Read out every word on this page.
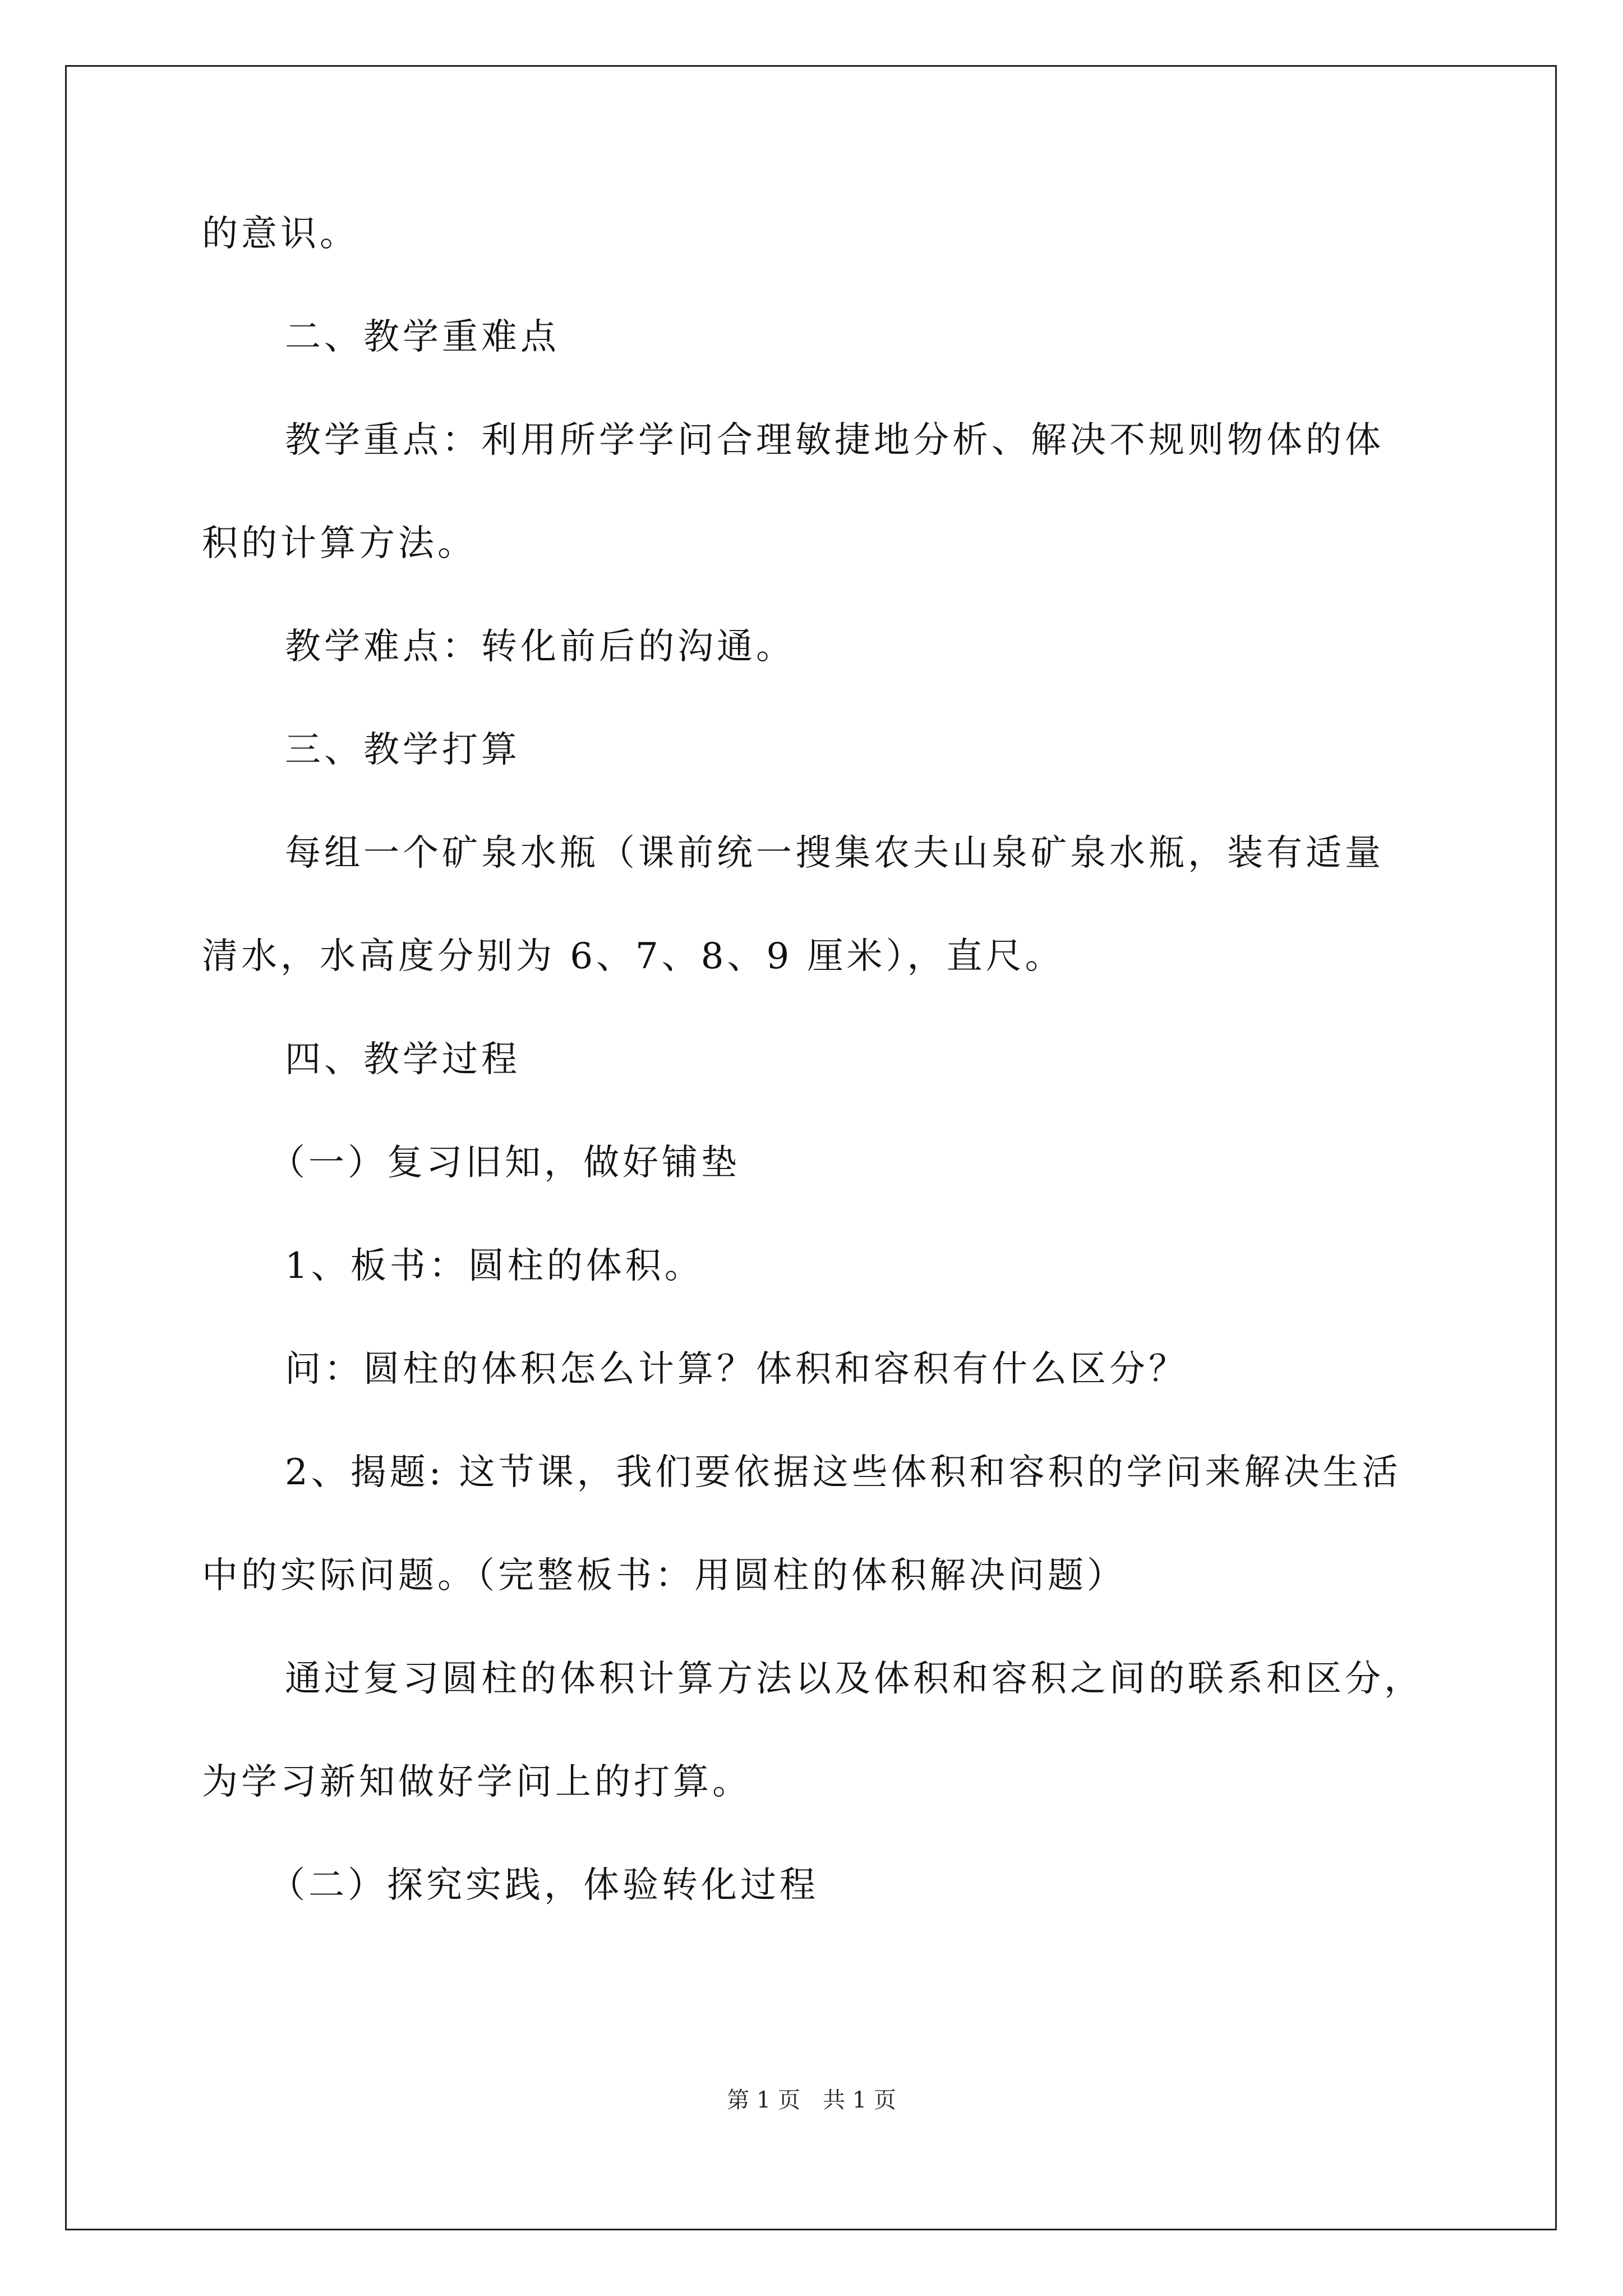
的意识。
二、教学重难点
教学重点：利用所学学问合理敏捷地分析、解决不规则物体的体
积的计算方法。
教学难点：转化前后的沟通。
三、教学打算
每组一个矿泉水瓶（课前统一搜集农夫山泉矿泉水瓶，装有适量
清水，水高度分别为 6、7、8、9 厘米），直尺。
四、教学过程
（一）复习旧知，做好铺垫
1、板书：圆柱的体积。
问：圆柱的体积怎么计算？体积和容积有什么区分？
2、揭题: 这节课，我们要依据这些体积和容积的学问来解决生活
中的实际问题。（完整板书：用圆柱的体积解决问题）
通过复习圆柱的体积计算方法以及体积和容积之间的联系和区分，
为学习新知做好学问上的打算。
（二）探究实践，体验转化过程
第 1 页　共 1 页
